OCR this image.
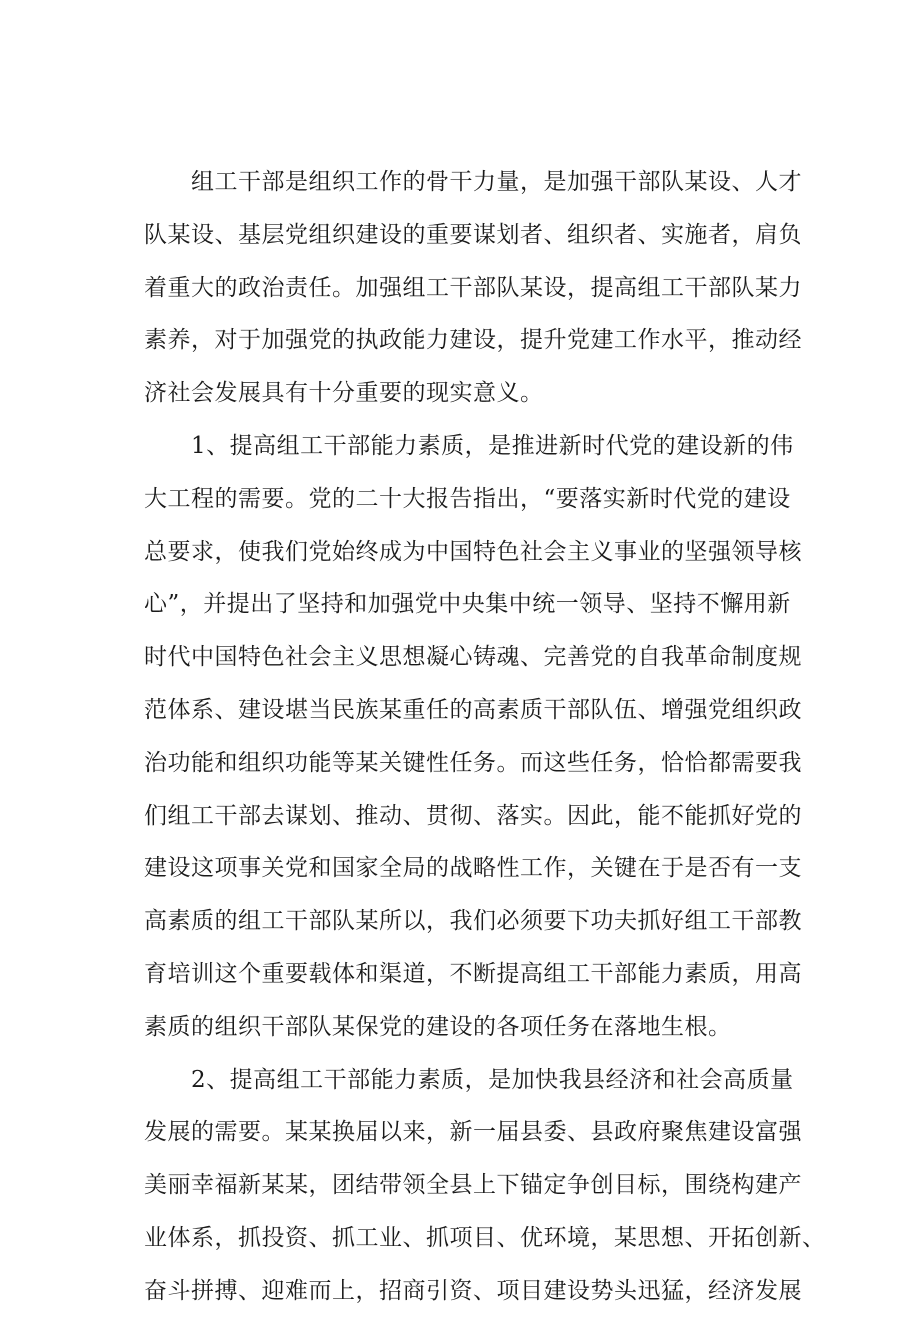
　　组工干部是组织工作的骨干力量，是加强干部队某设、人才
队某设、基层党组织建设的重要谋划者、组织者、实施者，肩负
着重大的政治责任。加强组工干部队某设，提高组工干部队某力
素养，对于加强党的执政能力建设，提升党建工作水平，推动经
济社会发展具有十分重要的现实意义。
　　1、提高组工干部能力素质，是推进新时代党的建设新的伟
大工程的需要。党的二十大报告指出，“要落实新时代党的建设
总要求，使我们党始终成为中国特色社会主义事业的坚强领导核
心”，并提出了坚持和加强党中央集中统一领导、坚持不懈用新
时代中国特色社会主义思想凝心铸魂、完善党的自我革命制度规
范体系、建设堪当民族某重任的高素质干部队伍、增强党组织政
治功能和组织功能等某关键性任务。而这些任务，恰恰都需要我
们组工干部去谋划、推动、贯彻、落实。因此，能不能抓好党的
建设这项事关党和国家全局的战略性工作，关键在于是否有一支
高素质的组工干部队某所以，我们必须要下功夫抓好组工干部教
育培训这个重要载体和渠道，不断提高组工干部能力素质，用高
素质的组织干部队某保党的建设的各项任务在落地生根。
　　2、提高组工干部能力素质，是加快我县经济和社会高质量
发展的需要。某某换届以来，新一届县委、县政府聚焦建设富强
美丽幸福新某某，团结带领全县上下锚定争创目标，围绕构建产
业体系，抓投资、抓工业、抓项目、优环境，某思想、开拓创新、
奋斗拼搏、迎难而上，招商引资、项目建设势头迅猛，经济发展
